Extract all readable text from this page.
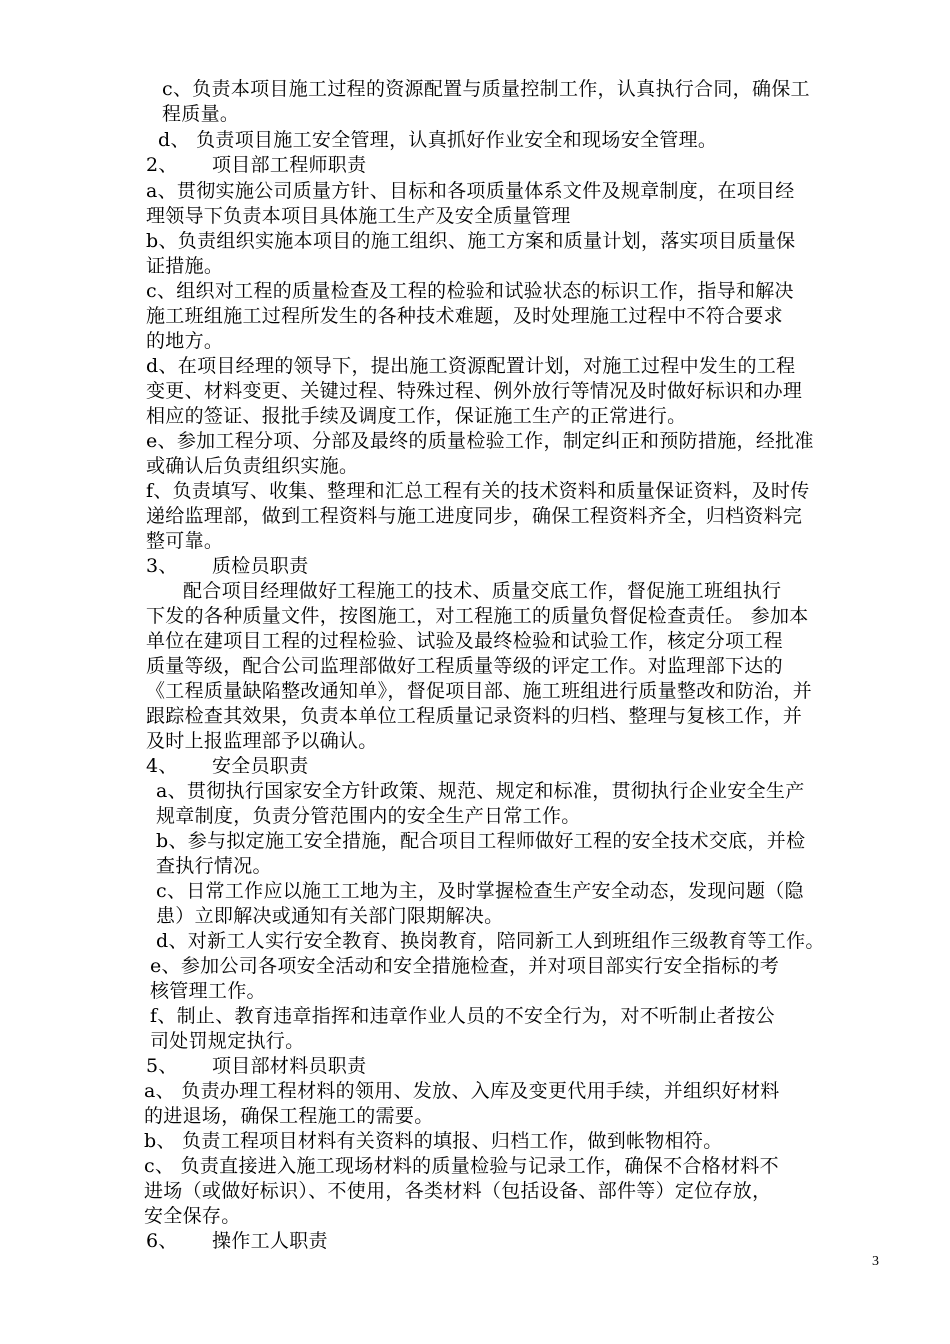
c、负责本项目施工过程的资源配置与质量控制工作，认真执行合同，确保工
程质量。
d、 负责项目施工安全管理，认真抓好作业安全和现场安全管理。
2、 项目部工程师职责
a、贯彻实施公司质量方针、目标和各项质量体系文件及规章制度，在项目经
理领导下负责本项目具体施工生产及安全质量管理
b、负责组织实施本项目的施工组织、施工方案和质量计划，落实项目质量保
证措施。
c、组织对工程的质量检查及工程的检验和试验状态的标识工作，指导和解决
施工班组施工过程所发生的各种技术难题，及时处理施工过程中不符合要求
的地方。
d、在项目经理的领导下，提出施工资源配置计划，对施工过程中发生的工程
变更、材料变更、关键过程、特殊过程、例外放行等情况及时做好标识和办理
相应的签证、报批手续及调度工作，保证施工生产的正常进行。
e、参加工程分项、分部及最终的质量检验工作，制定纠正和预防措施，经批准
或确认后负责组织实施。
f、负责填写、收集、整理和汇总工程有关的技术资料和质量保证资料，及时传
递给监理部，做到工程资料与施工进度同步，确保工程资料齐全，归档资料完
整可靠。
3、 质检员职责
配合项目经理做好工程施工的技术、质量交底工作，督促施工班组执行
下发的各种质量文件，按图施工，对工程施工的质量负督促检查责任。 参加本
单位在建项目工程的过程检验、试验及最终检验和试验工作，核定分项工程
质量等级，配合公司监理部做好工程质量等级的评定工作。对监理部下达的
《工程质量缺陷整改通知单》，督促项目部、施工班组进行质量整改和防治，并
跟踪检查其效果，负责本单位工程质量记录资料的归档、整理与复核工作，并
及时上报监理部予以确认。
4、 安全员职责
a、贯彻执行国家安全方针政策、规范、规定和标准，贯彻执行企业安全生产
规章制度，负责分管范围内的安全生产日常工作。
b、参与拟定施工安全措施，配合项目工程师做好工程的安全技术交底，并检
查执行情况。
c、日常工作应以施工工地为主，及时掌握检查生产安全动态，发现问题（隐
患）立即解决或通知有关部门限期解决。
d、对新工人实行安全教育、换岗教育，陪同新工人到班组作三级教育等工作。
e、参加公司各项安全活动和安全措施检查，并对项目部实行安全指标的考
核管理工作。
f、制止、教育违章指挥和违章作业人员的不安全行为，对不听制止者按公
司处罚规定执行。
5、 项目部材料员职责
a、 负责办理工程材料的领用、发放、入库及变更代用手续，并组织好材料
的进退场，确保工程施工的需要。
b、 负责工程项目材料有关资料的填报、归档工作，做到帐物相符。
c、 负责直接进入施工现场材料的质量检验与记录工作，确保不合格材料不
进场（或做好标识）、不使用，各类材料（包括设备、部件等）定位存放，
安全保存。
6、 操作工人职责
3
